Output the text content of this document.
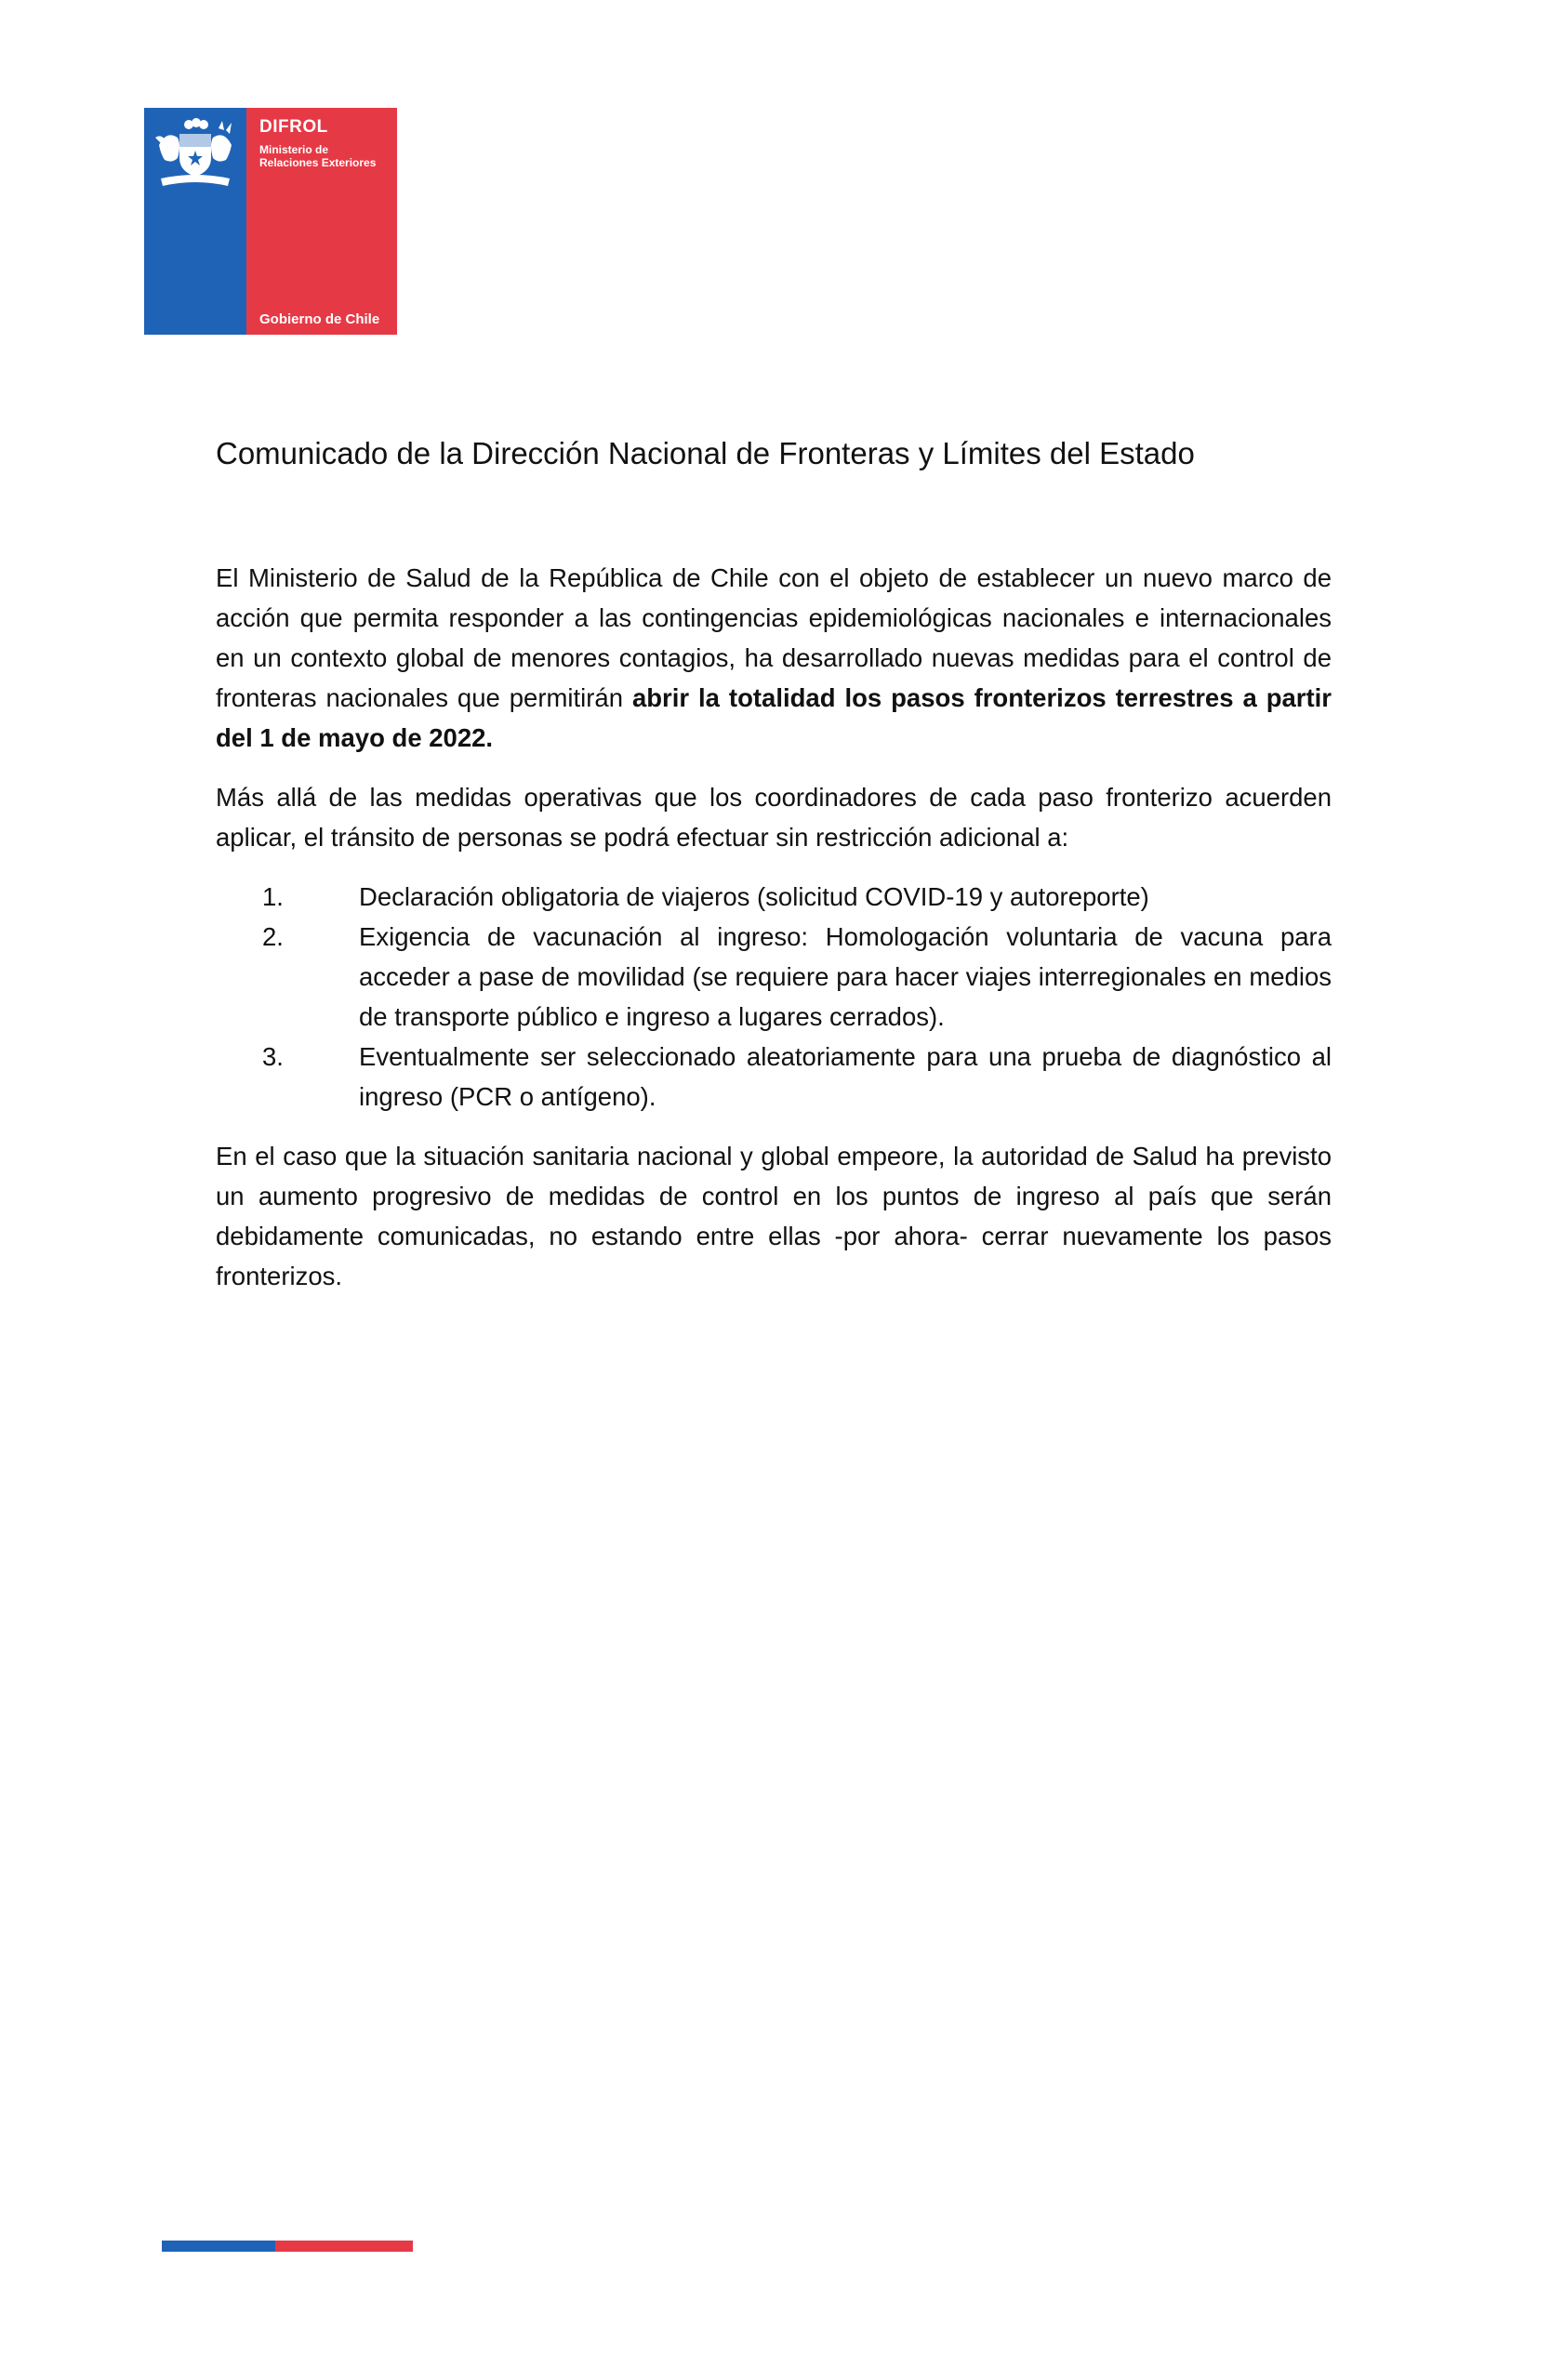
DIFROL
Ministerio de
Relaciones Exteriores
Gobierno de Chile
Comunicado de la Dirección Nacional de Fronteras y Límites del Estado

El Ministerio de Salud de la República de Chile con el objeto de establecer un nuevo marco de acción que permita responder a las contingencias epidemiológicas nacionales e internacionales en un contexto global de menores contagios, ha desarrollado nuevas medidas para el control de fronteras nacionales que permitirán abrir la totalidad los pasos fronterizos terrestres a partir del 1 de mayo de 2022.

Más allá de las medidas operativas que los coordinadores de cada paso fronterizo acuerden aplicar, el tránsito de personas se podrá efectuar sin restricción adicional a:

1.	Declaración obligatoria de viajeros (solicitud COVID-19 y autoreporte)
2.	Exigencia de vacunación al ingreso: Homologación voluntaria de vacuna para acceder a pase de movilidad (se requiere para hacer viajes interregionales en medios de transporte público e ingreso a lugares cerrados).
3.	Eventualmente ser seleccionado aleatoriamente para una prueba de diagnóstico al ingreso (PCR o antígeno).

En el caso que la situación sanitaria nacional y global empeore, la autoridad de Salud ha previsto un aumento progresivo de medidas de control en los puntos de ingreso al país que serán debidamente comunicadas, no estando entre ellas -por ahora- cerrar nuevamente los pasos fronterizos.
